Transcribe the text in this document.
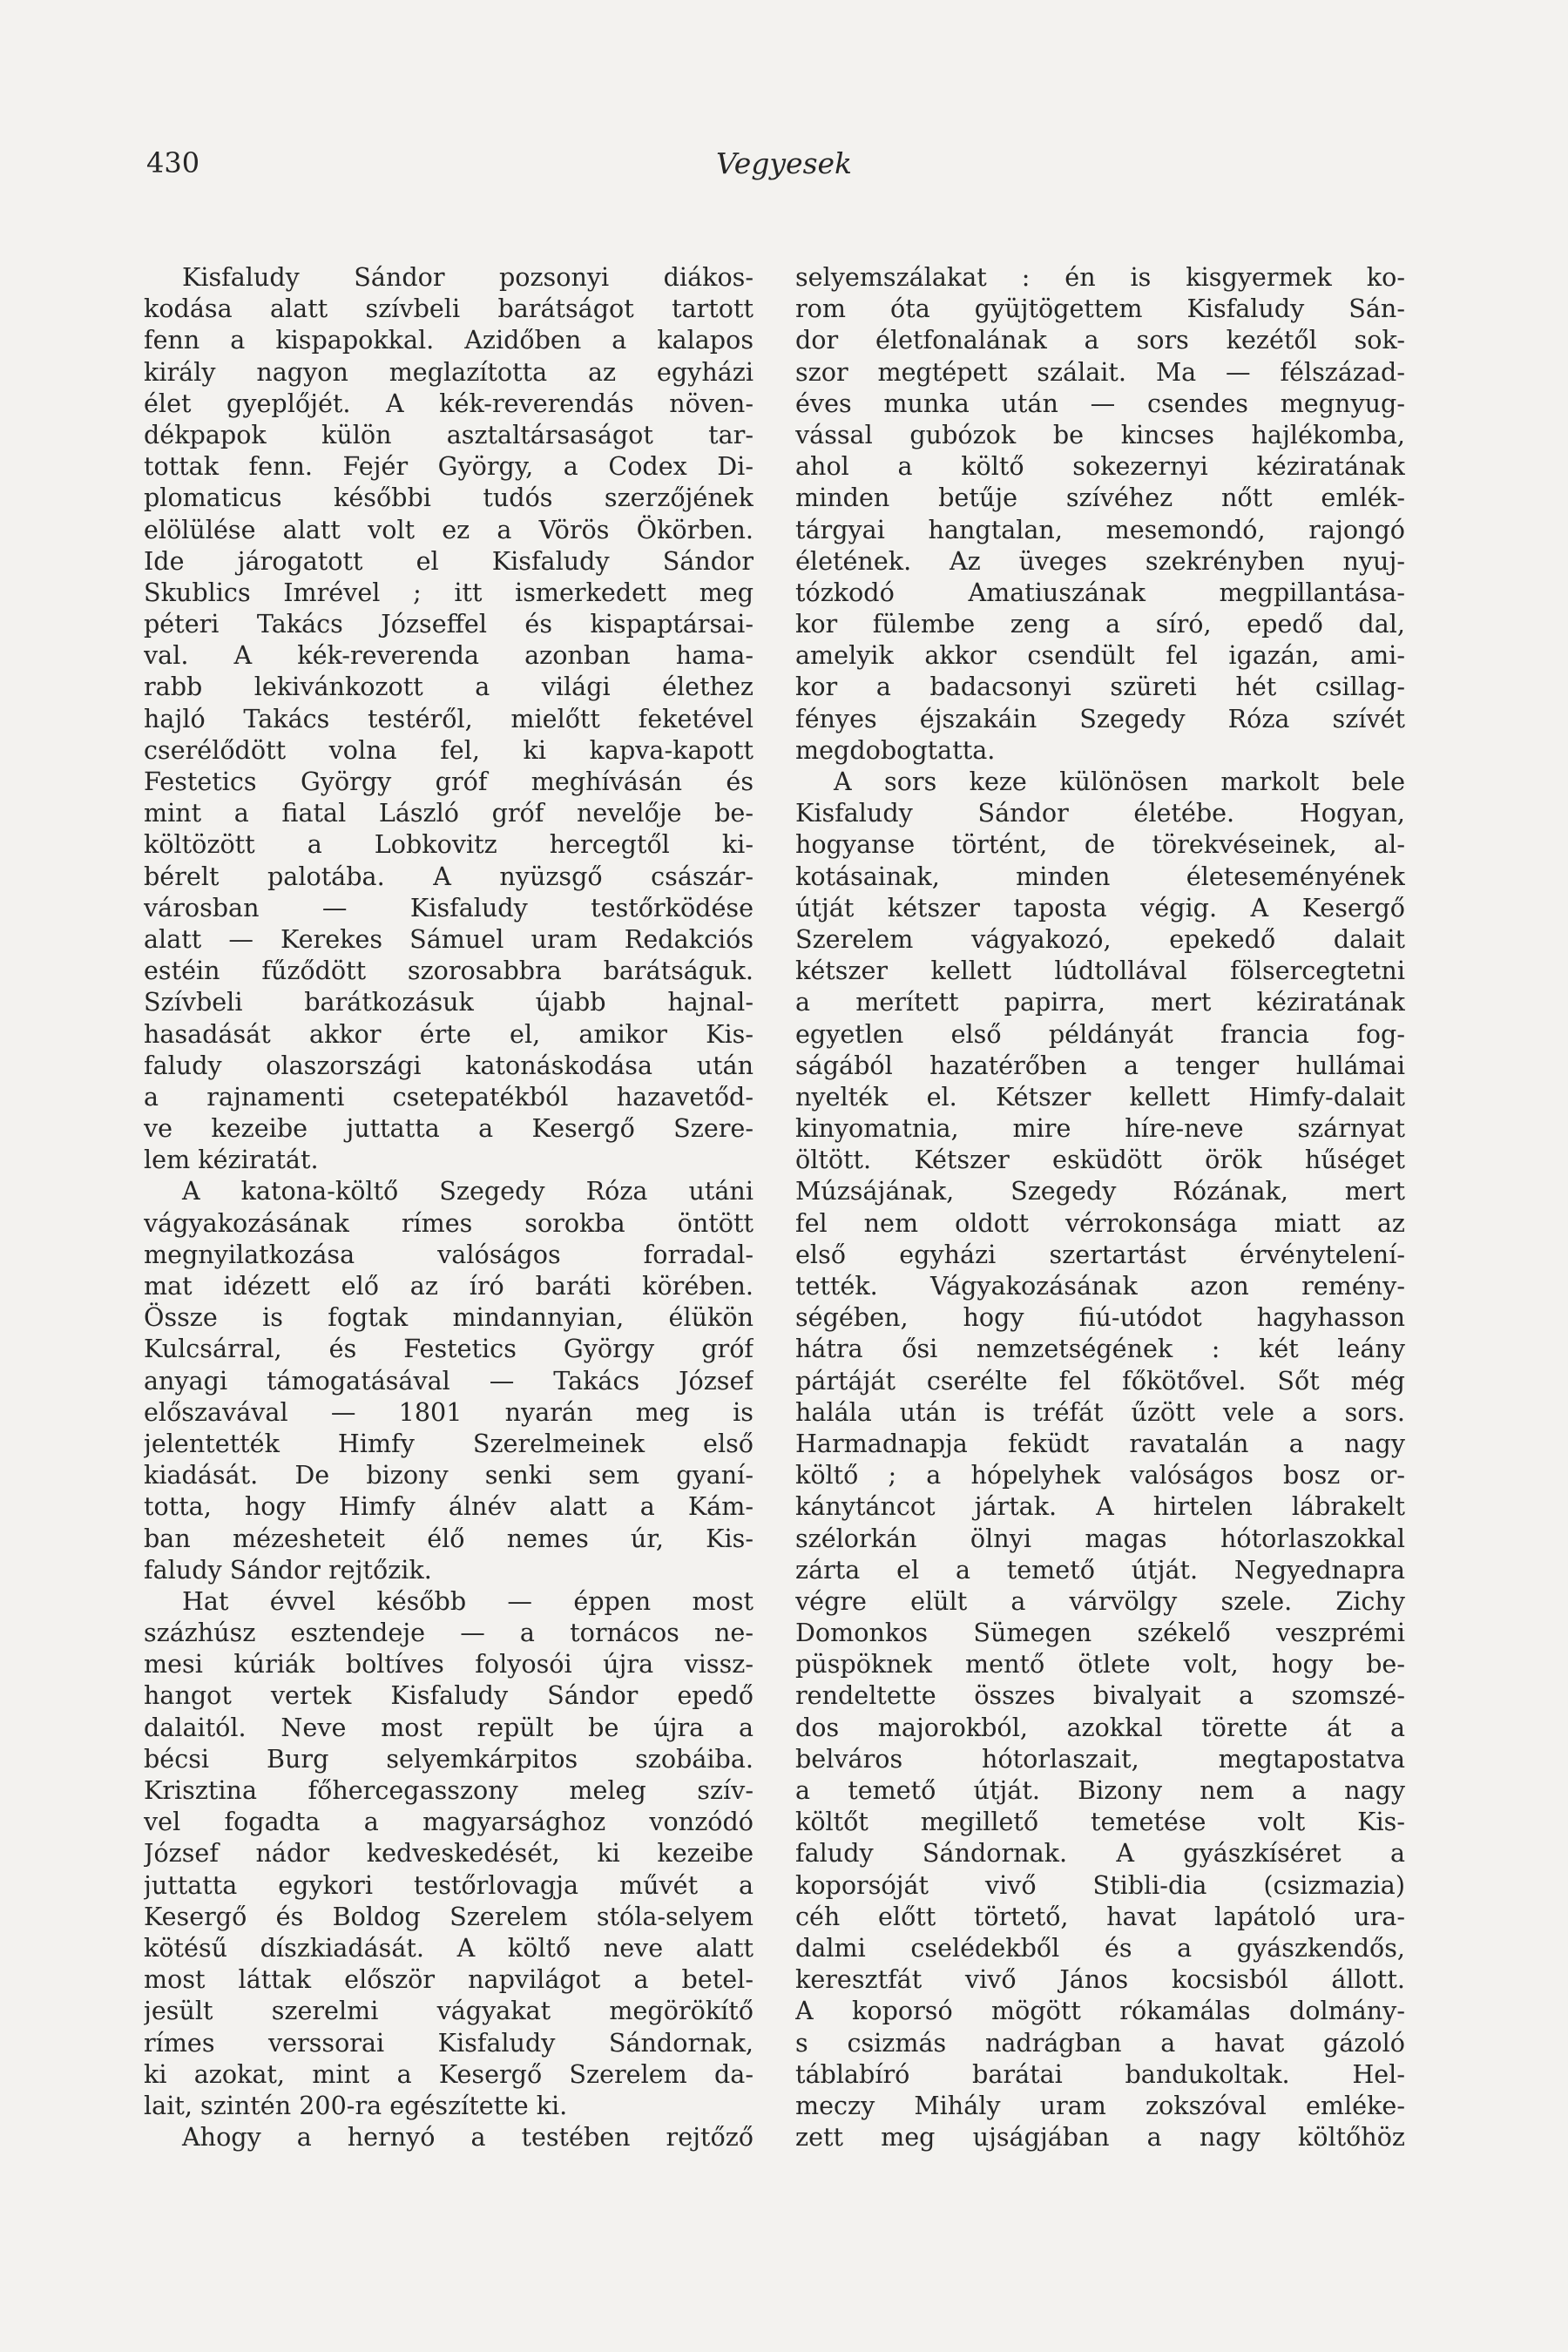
430	Vegyesek
Kisfaludy Sándor pozsonyi diákos-
kodása alatt szívbeli barátságot tartott
fenn a kispapokkal. Azidőben a kalapos
király nagyon meglazította az egyházi
élet gyeplőjét. A kék-reverendás növen-
dékpapok külön asztaltársaságot tar-
tottak fenn. Fejér György, a Codex Di-
plomaticus későbbi tudós szerzőjének
elölülése alatt volt ez a Vörös Ökörben.
Ide járogatott el Kisfaludy Sándor
Skublics Imrével ; itt ismerkedett meg
péteri Takács Józseffel és kispaptársai-
val. A kék-reverenda azonban hama-
rabb lekivánkozott a világi élethez
hajló Takács testéről, mielőtt feketével
cserélődött volna fel, ki kapva-kapott
Festetics György gróf meghívásán és
mint a fiatal László gróf nevelője be-
költözött a Lobkovitz hercegtől ki-
bérelt palotába. A nyüzsgő császár-
városban — Kisfaludy testőrködése
alatt — Kerekes Sámuel uram Redakciós
estéin fűződött szorosabbra barátságuk.
Szívbeli barátkozásuk újabb hajnal-
hasadását akkor érte el, amikor Kis-
faludy olaszországi katonáskodása után
a rajnamenti csetepatékból hazavetőd-
ve kezeibe juttatta a Kesergő Szere-
lem kéziratát.
A katona-költő Szegedy Róza utáni
vágyakozásának rímes sorokba öntött
megnyilatkozása valóságos forradal-
mat idézett elő az író baráti körében.
Össze is fogtak mindannyian, élükön
Kulcsárral, és Festetics György gróf
anyagi támogatásával — Takács József
előszavával — 1801 nyarán meg is
jelentették Himfy Szerelmeinek első
kiadását. De bizony senki sem gyaní-
totta, hogy Himfy álnév alatt a Kám-
ban mézesheteit élő nemes úr, Kis-
faludy Sándor rejtőzik.
Hat évvel később — éppen most
százhúsz esztendeje — a tornácos ne-
mesi kúriák boltíves folyosói újra vissz-
hangot vertek Kisfaludy Sándor epedő
dalaitól. Neve most repült be újra a
bécsi Burg selyemkárpitos szobáiba.
Krisztina főhercegasszony meleg szív-
vel fogadta a magyarsághoz vonzódó
József nádor kedveskedését, ki kezeibe
juttatta egykori testőrlovagja művét a
Kesergő és Boldog Szerelem stóla-selyem
kötésű díszkiadását. A költő neve alatt
most láttak először napvilágot a betel-
jesült szerelmi vágyakat megörökítő
rímes verssorai Kisfaludy Sándornak,
ki azokat, mint a Kesergő Szerelem da-
lait, szintén 200-ra egészítette ki.
Ahogy a hernyó a testében rejtőző
selyemszálakat : én is kisgyermek ko-
rom óta gyüjtögettem Kisfaludy Sán-
dor életfonalának a sors kezétől sok-
szor megtépett szálait. Ma — félszázad-
éves munka után — csendes megnyug-
vással gubózok be kincses hajlékomba,
ahol a költő sokezernyi kéziratának
minden betűje szívéhez nőtt emlék-
tárgyai hangtalan, mesemondó, rajongó
életének. Az üveges szekrényben nyuj-
tózkodó Amatiuszának megpillantása-
kor fülembe zeng a síró, epedő dal,
amelyik akkor csendült fel igazán, ami-
kor a badacsonyi szüreti hét csillag-
fényes éjszakáin Szegedy Róza szívét
megdobogtatta.
A sors keze különösen markolt bele
Kisfaludy Sándor életébe. Hogyan,
hogyanse történt, de törekvéseinek, al-
kotásainak, minden életeseményének
útját kétszer taposta végig. A Kesergő
Szerelem vágyakozó, epekedő dalait
kétszer kellett lúdtollával fölsercegtetni
a merített papirra, mert kéziratának
egyetlen első példányát francia fog-
ságából hazatérőben a tenger hullámai
nyelték el. Kétszer kellett Himfy-dalait
kinyomatnia, mire híre-neve szárnyat
öltött. Kétszer esküdött örök hűséget
Múzsájának, Szegedy Rózának, mert
fel nem oldott vérrokonsága miatt az
első egyházi szertartást érvénytelení-
tették. Vágyakozásának azon remény-
ségében, hogy fiú-utódot hagyhasson
hátra ősi nemzetségének : két leány
pártáját cserélte fel főkötővel. Sőt még
halála után is tréfát űzött vele a sors.
Harmadnapja feküdt ravatalán a nagy
költő ; a hópelyhek valóságos bosz or-
kánytáncot jártak. A hirtelen lábrakelt
szélorkán ölnyi magas hótorlaszokkal
zárta el a temető útját. Negyednapra
végre elült a várvölgy szele. Zichy
Domonkos Sümegen székelő veszprémi
püspöknek mentő ötlete volt, hogy be-
rendeltette összes bivalyait a szomszé-
dos majorokból, azokkal törette át a
belváros hótorlaszait, megtapostatva
a temető útját. Bizony nem a nagy
költőt megillető temetése volt Kis-
faludy Sándornak. A gyászkíséret a
koporsóját vivő Stibli-dia (csizmazia)
céh előtt törtető, havat lapátoló ura-
dalmi cselédekből és a gyászkendős,
keresztfát vivő János kocsisból állott.
A koporsó mögött rókamálas dolmány-
s csizmás nadrágban a havat gázoló
táblabíró barátai bandukoltak. Hel-
meczy Mihály uram zokszóval emléke-
zett meg ujságjában a nagy költőhöz
